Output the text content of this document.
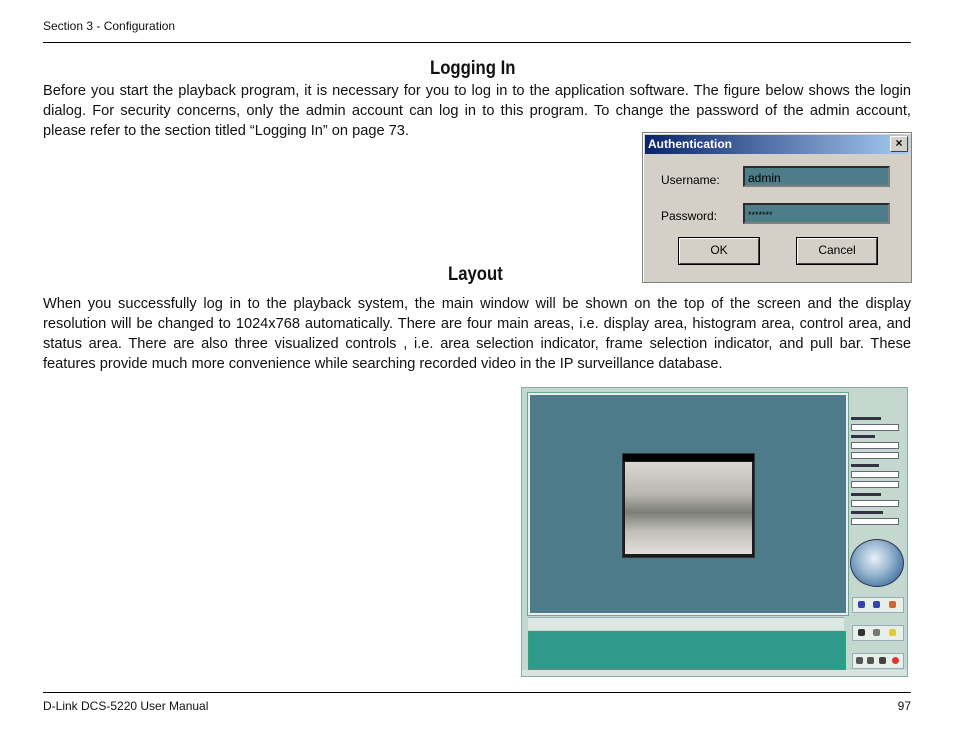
Section 3 - Configuration
Logging In
Before you start the playback program, it is necessary for you to log in to the application software. The figure below shows the login dialog. For security concerns, only the admin account can log in to this program. To change the password of the admin account, please refer to the section titled “Logging In” on page 73.
Authentication	×
Username:	admin
Password:	*******
OK	Cancel
Layout
When you successfully log in to the playback system, the main window will be shown on the top of the screen and the display resolution will be changed to 1024x768 automatically. There are four main areas, i.e. display area, histogram area, control area, and status area. There are also three visualized controls , i.e. area selection indicator, frame selection indicator, and pull bar. These features provide much more convenience while searching recorded video in the IP surveillance database.
D-Link DCS-5220 User Manual	97
